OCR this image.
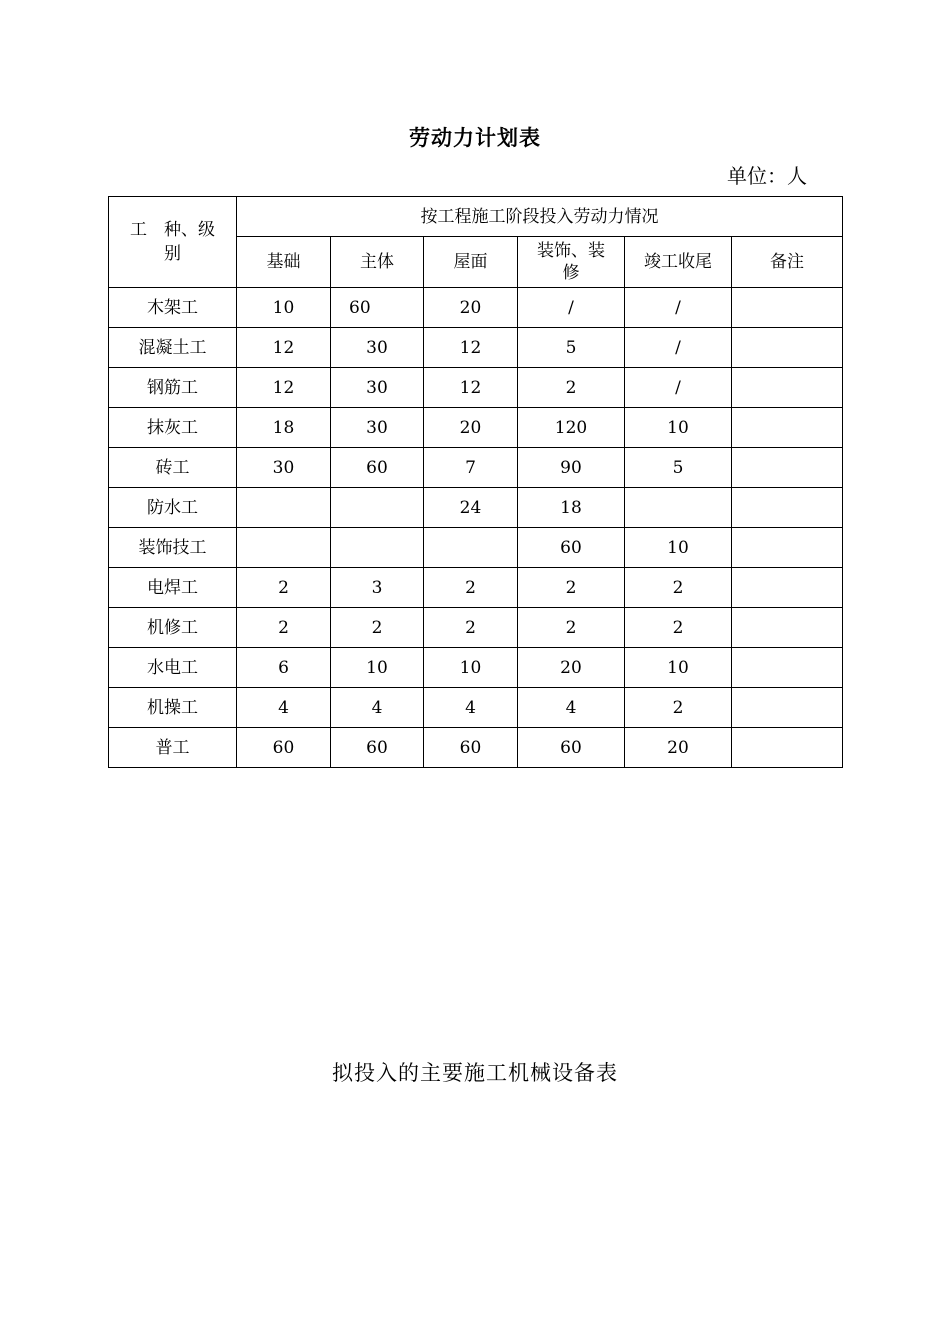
劳动力计划表
单位：人
工　种、级别	按工程施工阶段投入劳动力情况					
	基础	主体	屋面	装饰、装修	竣工收尾	备注
木架工	10	60	20	/	/	
混凝土工	12	30	12	5	/	
钢筋工	12	30	12	2	/	
抹灰工	18	30	20	120	10	
砖工	30	60	7	90	5	
防水工			24	18		
装饰技工				60	10	
电焊工	2	3	2	2	2	
机修工	2	2	2	2	2	
水电工	6	10	10	20	10	
机操工	4	4	4	4	2	
普工	60	60	60	60	20	
拟投入的主要施工机械设备表
